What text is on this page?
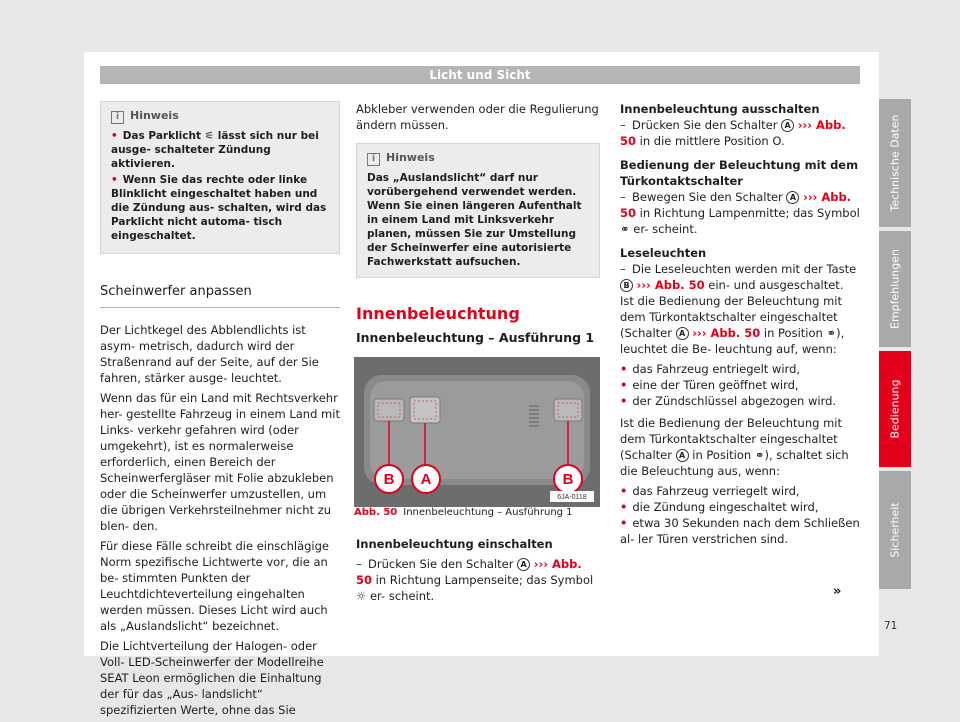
Licht und Sicht
i Hinweis
• Das Parklicht ⚟ lässt sich nur bei ausge- schalteter Zündung aktivieren.
• Wenn Sie das rechte oder linke Blinklicht eingeschaltet haben und die Zündung aus- schalten, wird das Parklicht nicht automa- tisch eingeschaltet.
Scheinwerfer anpassen

Der Lichtkegel des Abblendlichts ist asym- metrisch, dadurch wird der Straßenrand auf der Seite, auf der Sie fahren, stärker ausge- leuchtet.

Wenn das für ein Land mit Rechtsverkehr her- gestellte Fahrzeug in einem Land mit Links- verkehr gefahren wird (oder umgekehrt), ist es normalerweise erforderlich, einen Bereich der Scheinwerfergläser mit Folie abzukleben oder die Scheinwerfer umzustellen, um die übrigen Verkehrsteilnehmer nicht zu blen- den.

Für diese Fälle schreibt die einschlägige Norm spezifische Lichtwerte vor, die an be- stimmten Punkten der Leuchtdichteverteilung eingehalten werden müssen. Dieses Licht wird auch als „Auslandslicht“ bezeichnet.

Die Lichtverteilung der Halogen- oder Voll- LED-Scheinwerfer der Modellreihe SEAT Leon ermöglichen die Einhaltung der für das „Aus- landslicht“ spezifizierten Werte, ohne das Sie

Abkleber verwenden oder die Regulierung ändern müssen.

i Hinweis
Das „Auslandslicht“ darf nur vorübergehend verwendet werden. Wenn Sie einen längeren Aufenthalt in einem Land mit Linksverkehr planen, müssen Sie zur Umstellung der Scheinwerfer eine autorisierte Fachwerkstatt aufsuchen.
Innenbeleuchtung
Innenbeleuchtung – Ausführung 1
B A	B
6JA-0118
Abb. 50 Innenbeleuchtung – Ausführung 1
Innenbeleuchtung einschalten
– Drücken Sie den Schalter A ››› Abb. 50 in Richtung Lampenseite; das Symbol ☼ er- scheint.
Innenbeleuchtung ausschalten
– Drücken Sie den Schalter A ››› Abb. 50 in die mittlere Position O.
Bedienung der Beleuchtung mit dem Türkontaktschalter
– Bewegen Sie den Schalter A ››› Abb. 50 in Richtung Lampenmitte; das Symbol ⚭ er- scheint.
Leseleuchten
– Die Leseleuchten werden mit der Taste B ››› Abb. 50 ein- und ausgeschaltet.
Ist die Bedienung der Beleuchtung mit dem Türkontaktschalter eingeschaltet (Schalter A ››› Abb. 50 in Position ⚭), leuchtet die Be- leuchtung auf, wenn:
• das Fahrzeug entriegelt wird,
• eine der Türen geöffnet wird,
• der Zündschlüssel abgezogen wird.
Ist die Bedienung der Beleuchtung mit dem Türkontaktschalter eingeschaltet (Schalter A in Position ⚭), schaltet sich die Beleuchtung aus, wenn:
• das Fahrzeug verriegelt wird,
• die Zündung eingeschaltet wird,
• etwa 30 Sekunden nach dem Schließen al- ler Türen verstrichen sind.
»
Technische Daten
Empfehlungen
Bedienung
Sicherheit
71
